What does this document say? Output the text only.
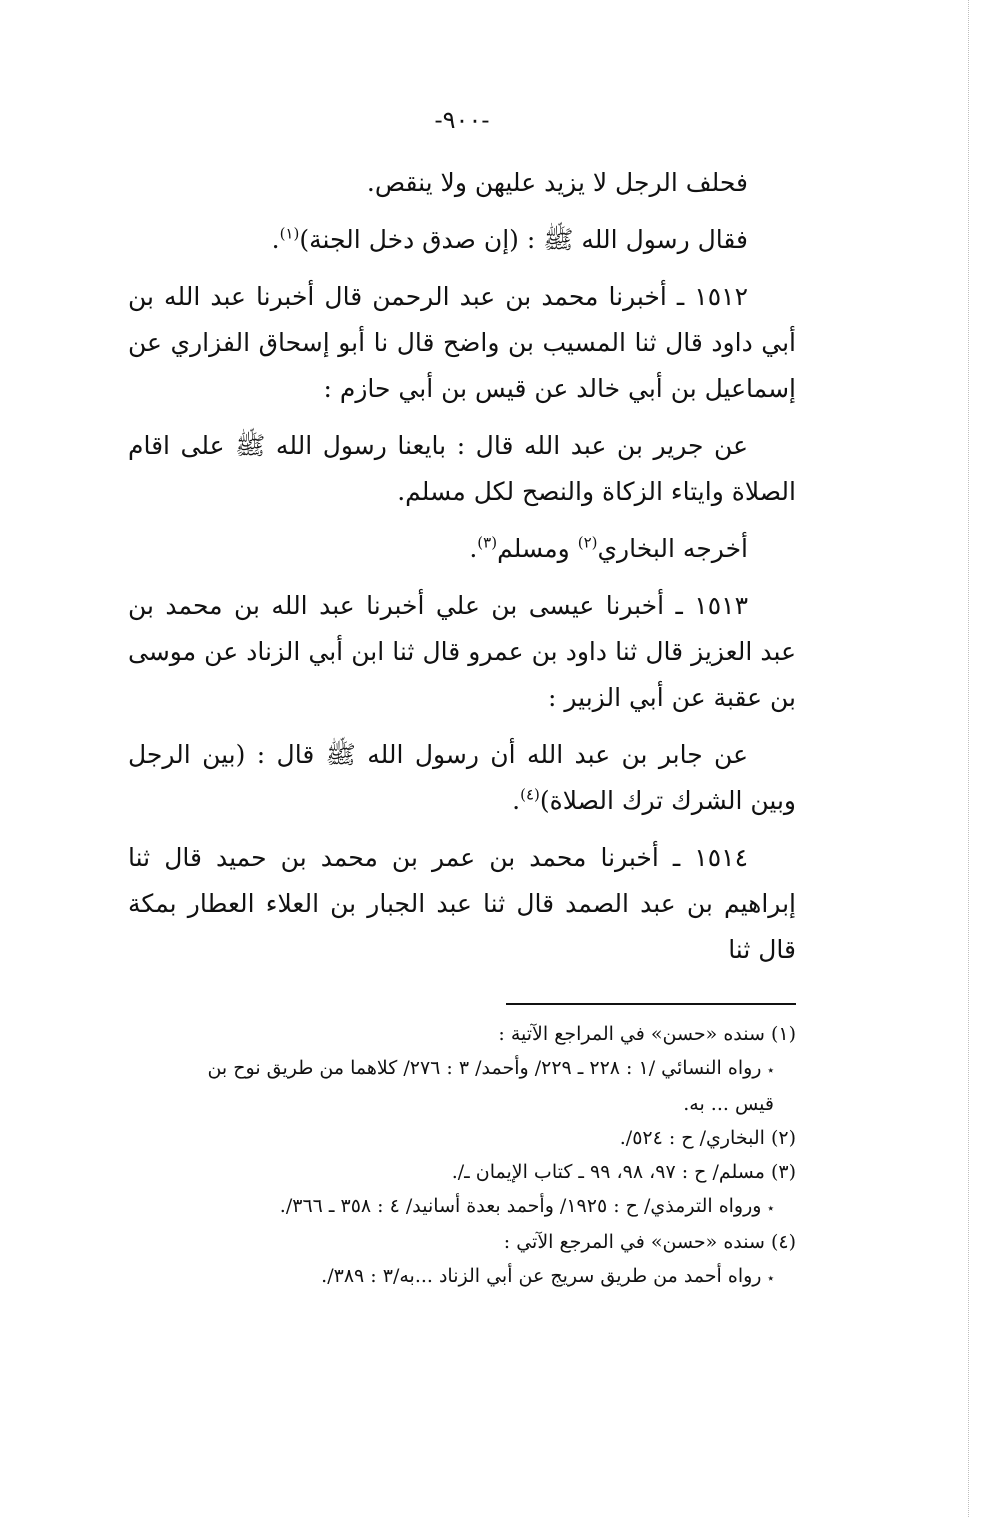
-٩٠٠-

فحلف الرجل لا يزيد عليهن ولا ينقص.

فقال رسول الله ﷺ : (إن صدق دخل الجنة)$^{(١)}$.

١٥١٢ ـ أخبرنا محمد بن عبد الرحمن قال أخبرنا عبد الله بن أبي داود قال ثنا المسيب بن واضح قال نا أبو إسحاق الفزاري عن إسماعيل بن أبي خالد عن قيس بن أبي حازم :

عن جرير بن عبد الله قال : بايعنا رسول الله ﷺ على اقام الصلاة وايتاء الزكاة والنصح لكل مسلم.

أخرجه البخاري$^{(٢)}$ ومسلم$^{(٣)}$.

١٥١٣ ـ أخبرنا عيسى بن علي أخبرنا عبد الله بن محمد بن عبد العزيز قال ثنا داود بن عمرو قال ثنا ابن أبي الزناد عن موسى بن عقبة عن أبي الزبير :

عن جابر بن عبد الله أن رسول الله ﷺ قال : (بين الرجل وبين الشرك ترك الصلاة)$^{(٤)}$.

١٥١٤ ـ أخبرنا محمد بن عمر بن محمد بن حميد قال ثنا إبراهيم بن عبد الصمد قال ثنا عبد الجبار بن العلاء العطار بمكة قال ثنا

(١) سنده «حسن» في المراجع الآتية :

٭رواه النسائي /١ : ٢٢٨ ـ ٢٢٩/ وأحمد/ ٣ : ٢٧٦/ كلاهما من طريق نوح بن

قيس ... به.

(٢) البخاري/ ح : ٥٢٤/.

(٣) مسلم/ ح : ٩٧، ٩٨، ٩٩ ـ كتاب الإيمان ـ/.

٭ورواه الترمذي/ ح : ١٩٢٥/ وأحمد بعدة أسانيد/ ٤ : ٣٥٨ ـ ٣٦٦/.

(٤) سنده «حسن» في المرجع الآتي :

٭رواه أحمد من طريق سريج عن أبي الزناد ...به/٣ : ٣٨٩/.
